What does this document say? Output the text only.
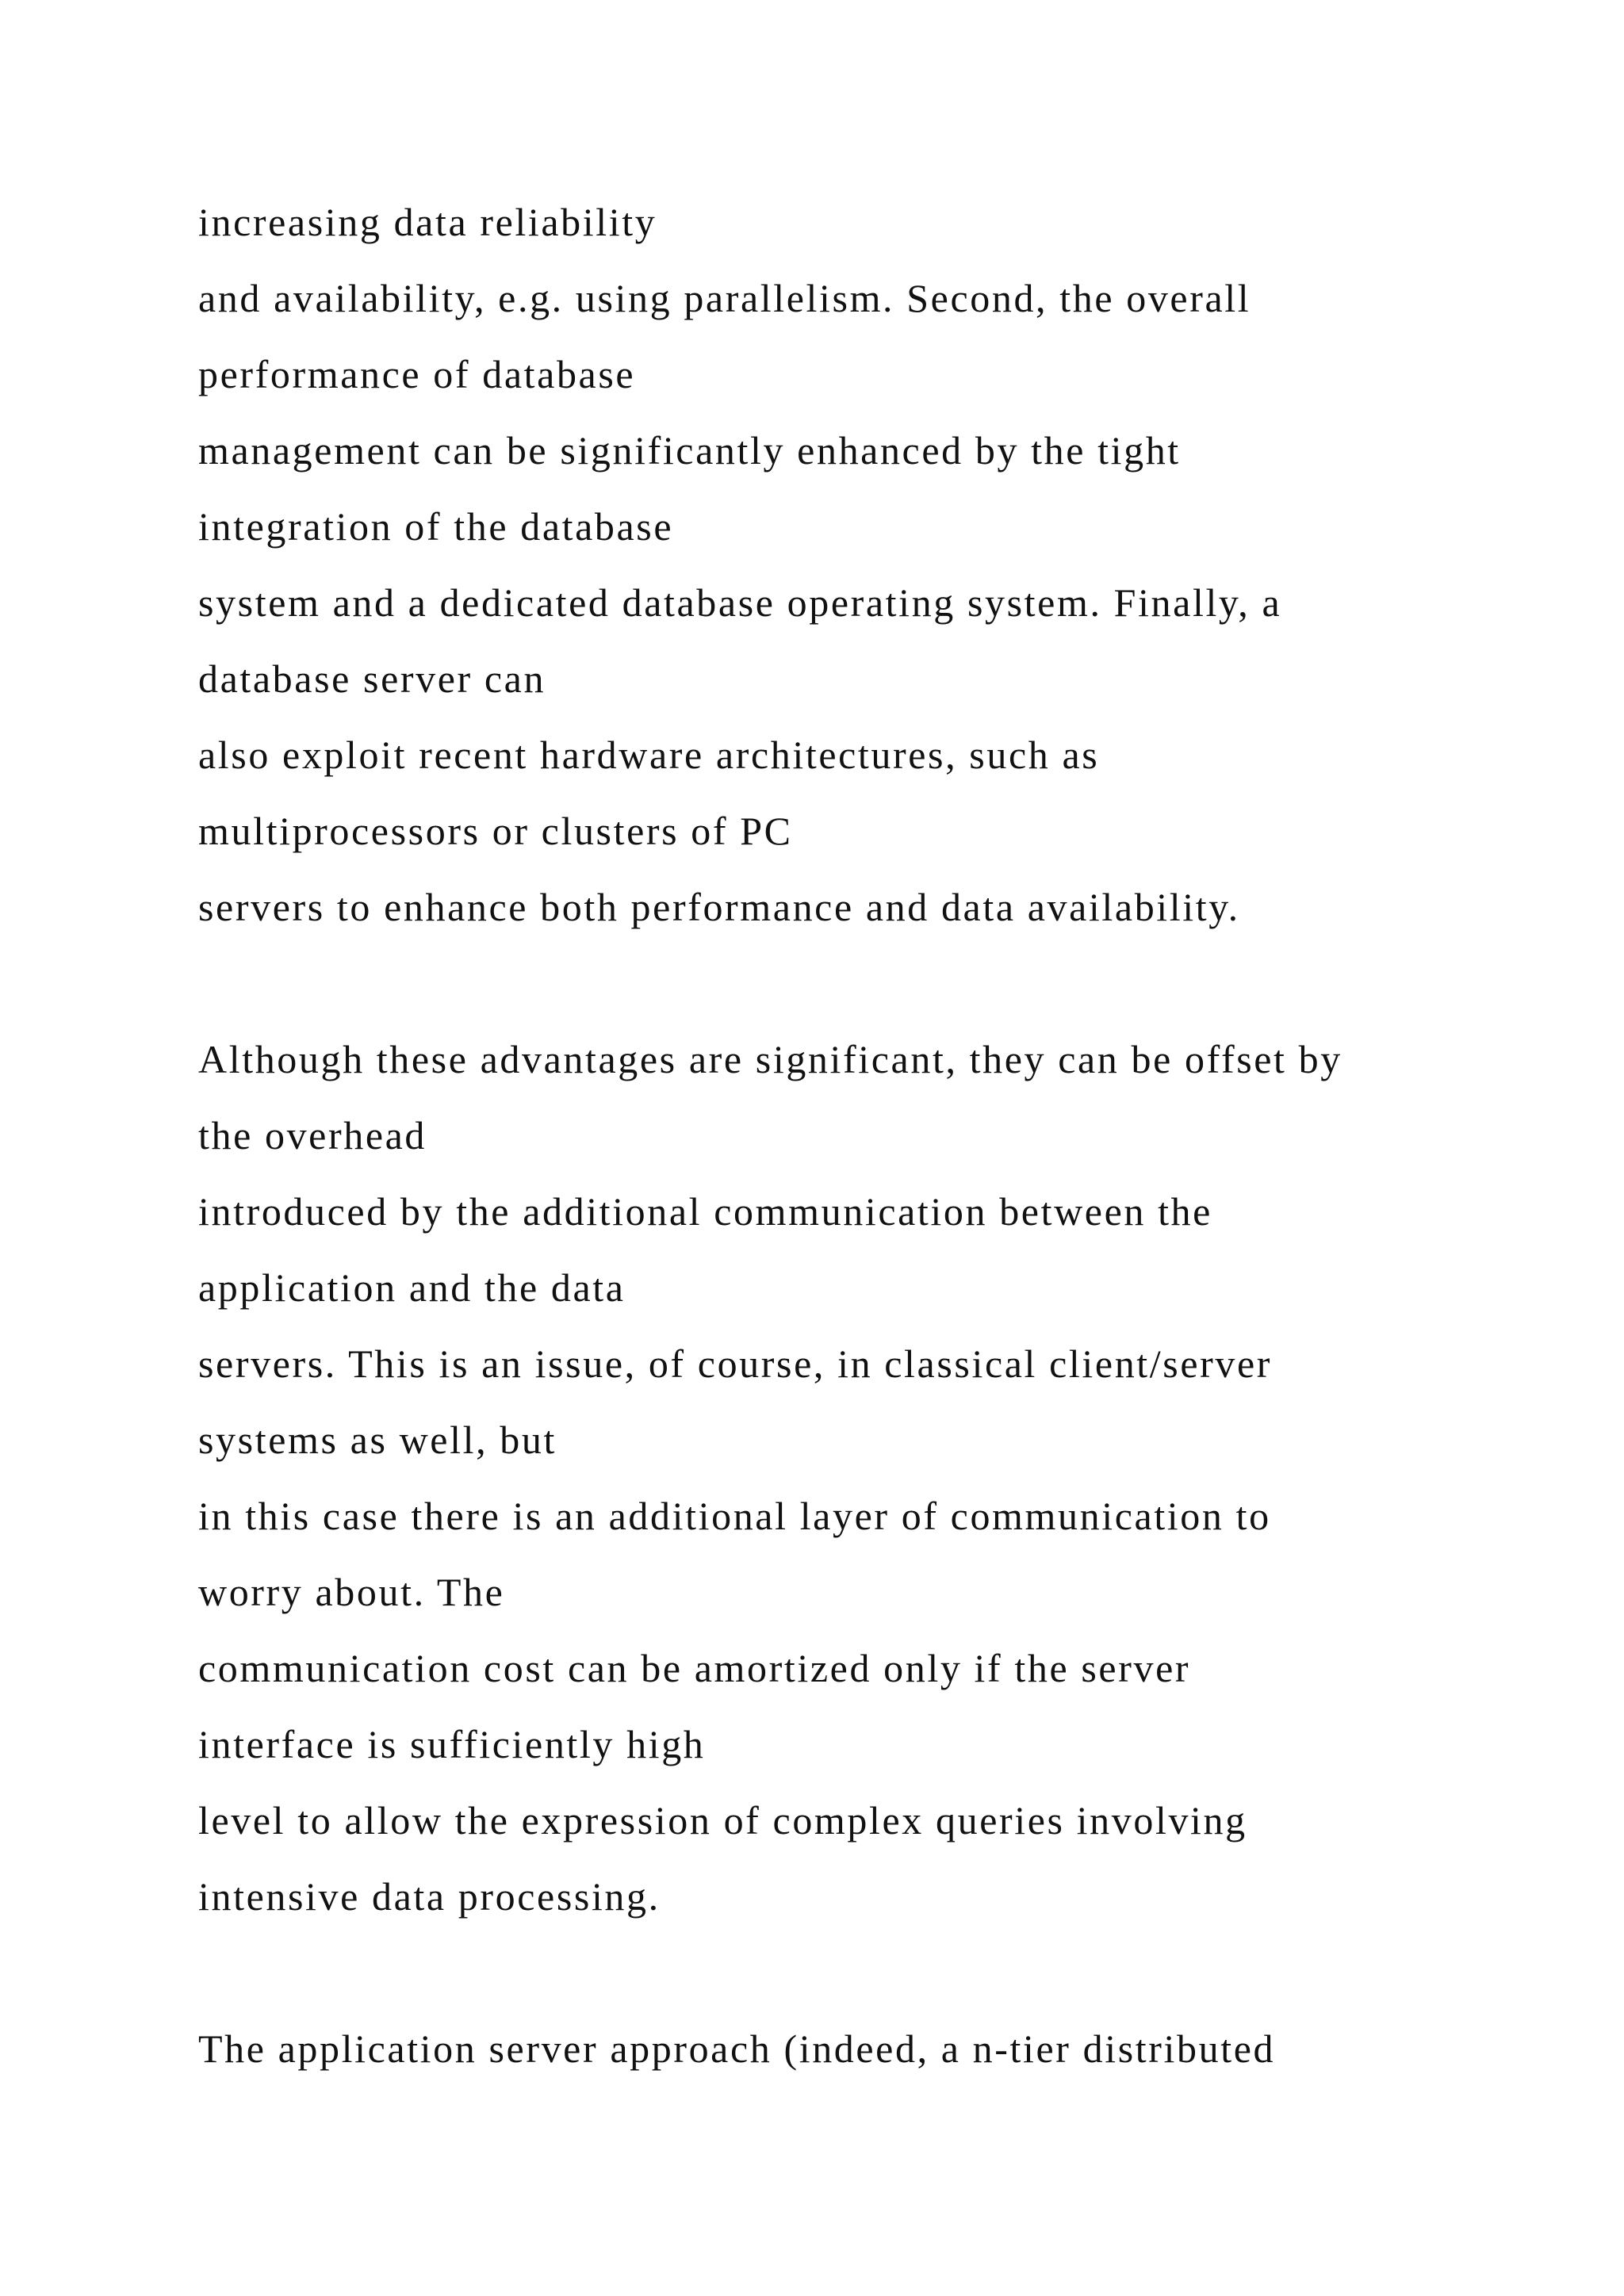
increasing data reliability
and availability, e.g. using parallelism. Second, the overall
performance of database
management can be significantly enhanced by the tight
integration of the database
system and a dedicated database operating system. Finally, a
database server can
also exploit recent hardware architectures, such as
multiprocessors or clusters of PC
servers to enhance both performance and data availability.
Although these advantages are significant, they can be offset by
the overhead
introduced by the additional communication between the
application and the data
servers. This is an issue, of course, in classical client/server
systems as well, but
in this case there is an additional layer of communication to
worry about. The
communication cost can be amortized only if the server
interface is sufficiently high
level to allow the expression of complex queries involving
intensive data processing.
The application server approach (indeed, a n-tier distributed
